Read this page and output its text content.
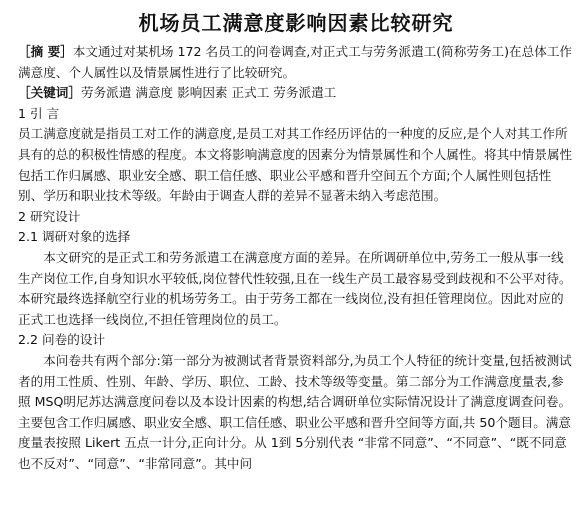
机场员工满意度影响因素比较研究

［摘 要］本文通过对某机场 172 名员工的问卷调查,对正式工与劳务派遣工(简称劳务工)在总体工作满意度、个人属性以及情景属性进行了比较研究。

［关键词］劳务派遣 满意度 影响因素 正式工 劳务派遣工

1 引 言

员工满意度就是指员工对工作的满意度,是员工对其工作经历评估的一种度的反应,是个人对其工作所具有的总的积极性情感的程度。本文将影响满意度的因素分为情景属性和个人属性。将其中情景属性包括工作归属感、职业安全感、职工信任感、职业公平感和晋升空间五个方面;个人属性则包括性别、学历和职业技术等级。年龄由于调查人群的差异不显著未纳入考虑范围。

2 研究设计

2.1 调研对象的选择

本文研究的是正式工和劳务派遣工在满意度方面的差异。在所调研单位中,劳务工一般从事一线生产岗位工作,自身知识水平较低,岗位替代性较强,且在一线生产员工最容易受到歧视和不公平对待。本研究最终选择航空行业的机场劳务工。由于劳务工都在一线岗位,没有担任管理岗位。因此对应的正式工也选择一线岗位,不担任管理岗位的员工。

2.2 问卷的设计

本问卷共有两个部分:第一部分为被测试者背景资料部分,为员工个人特征的统计变量,包括被测试者的用工性质、性别、年龄、学历、职位、工龄、技术等级等变量。第二部分为工作满意度量表,参照 MSQ明尼苏达满意度问卷以及本设计因素的构想,结合调研单位实际情况设计了满意度调查问卷。主要包含工作归属感、职业安全感、职工信任感、职业公平感和晋升空间等方面,共 50个题目。满意度量表按照 Likert 五点一计分,正向计分。从 1到 5分别代表 “非常不同意”、“不同意”、“既不同意也不反对”、“同意”、“非常同意”。其中问
